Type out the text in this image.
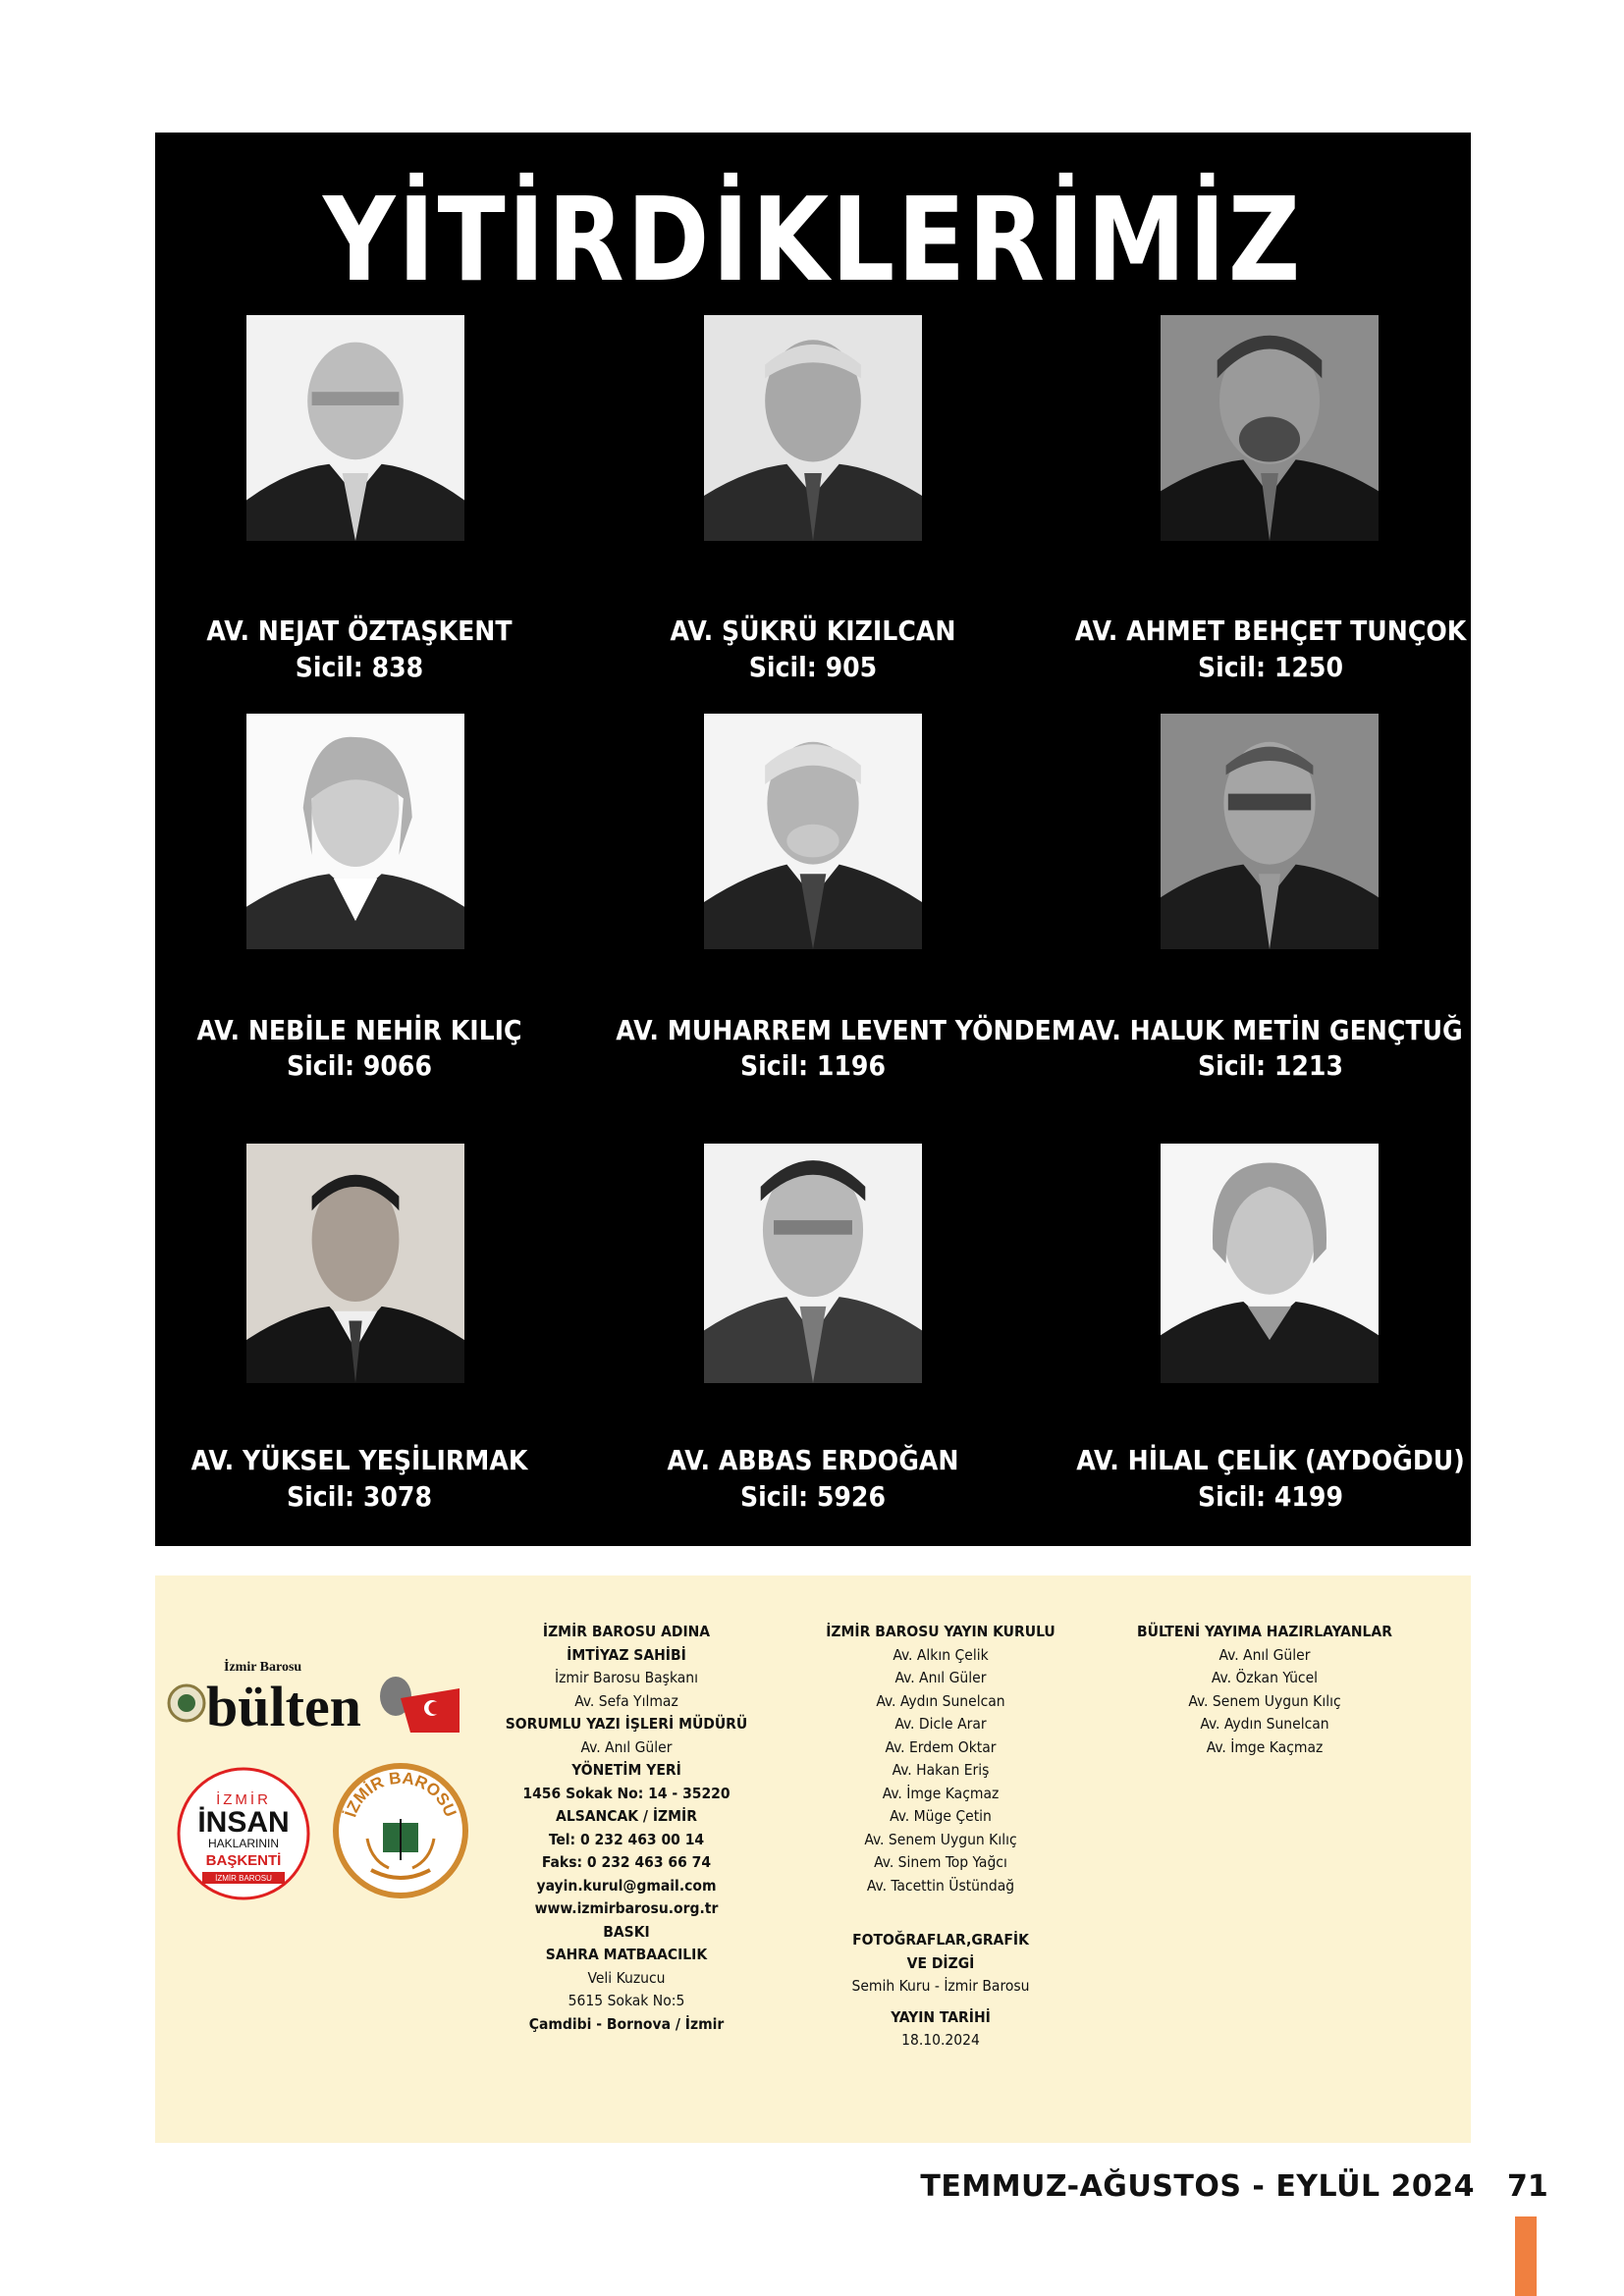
YİTİRDİKLERİMİZ
AV. NEJAT ÖZTAŞKENT
Sicil: 838
AV. ŞÜKRÜ KIZILCAN
Sicil: 905
AV. AHMET BEHÇET TUNÇOK
Sicil: 1250
AV. NEBİLE NEHİR KILIÇ
Sicil: 9066
AV. MUHARREM LEVENT YÖNDEM
Sicil: 1196
AV. HALUK METİN GENÇTUĞ
Sicil: 1213
AV. YÜKSEL YEŞİLIRMAK
Sicil: 3078
AV. ABBAS ERDOĞAN
Sicil: 5926
AV. HİLAL ÇELİK (AYDOĞDU)
Sicil: 4199
İzmir Barosu
bülten
İZMİR
İNSAN
HAKLARININ
BAŞKENTİ
İZMİR BAROSU
İZMİR BAROSU
İZMİR BAROSU ADINA
İMTİYAZ SAHİBİ
İzmir Barosu Başkanı
Av. Sefa Yılmaz
SORUMLU YAZI İŞLERİ MÜDÜRÜ
Av. Anıl Güler
YÖNETİM YERİ
1456 Sokak No: 14 - 35220
ALSANCAK / İZMİR
Tel: 0 232 463 00 14
Faks: 0 232 463 66 74
yayin.kurul@gmail.com
www.izmirbarosu.org.tr
BASKI
SAHRA MATBAACILIK
Veli Kuzucu
5615 Sokak No:5
Çamdibi - Bornova / İzmir
İZMİR BAROSU YAYIN KURULU
Av. Alkın Çelik
Av. Anıl Güler
Av. Aydın Sunelcan
Av. Dicle Arar
Av. Erdem Oktar
Av. Hakan Eriş
Av. İmge Kaçmaz
Av. Müge Çetin
Av. Senem Uygun Kılıç
Av. Sinem Top Yağcı
Av. Tacettin Üstündağ
FOTOĞRAFLAR,GRAFİK
VE DİZGİ
Semih Kuru - İzmir Barosu
YAYIN TARİHİ
18.10.2024
BÜLTENİ YAYIMA HAZIRLAYANLAR
Av. Anıl Güler
Av. Özkan Yücel
Av. Senem Uygun Kılıç
Av. Aydın Sunelcan
Av. İmge Kaçmaz
TEMMUZ-AĞUSTOS - EYLÜL 2024 71
